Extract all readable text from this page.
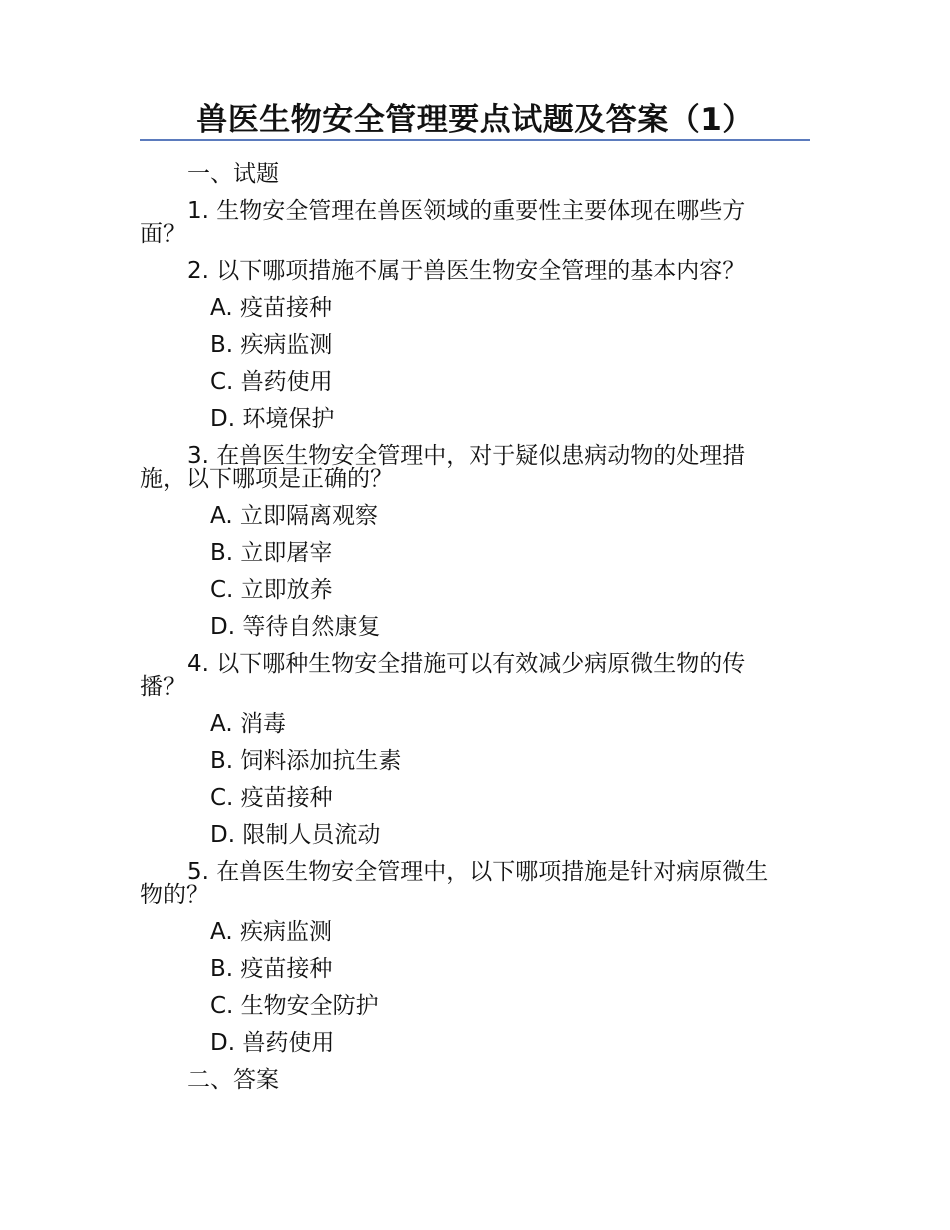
兽医生物安全管理要点试题及答案（1）
一、试题
1. 生物安全管理在兽医领域的重要性主要体现在哪些方
面？
2. 以下哪项措施不属于兽医生物安全管理的基本内容？
A. 疫苗接种
B. 疾病监测
C. 兽药使用
D. 环境保护
3. 在兽医生物安全管理中，对于疑似患病动物的处理措
施，以下哪项是正确的？
A. 立即隔离观察
B. 立即屠宰
C. 立即放养
D. 等待自然康复
4. 以下哪种生物安全措施可以有效减少病原微生物的传
播？
A. 消毒
B. 饲料添加抗生素
C. 疫苗接种
D. 限制人员流动
5. 在兽医生物安全管理中，以下哪项措施是针对病原微生
物的？
A. 疾病监测
B. 疫苗接种
C. 生物安全防护
D. 兽药使用
二、答案
